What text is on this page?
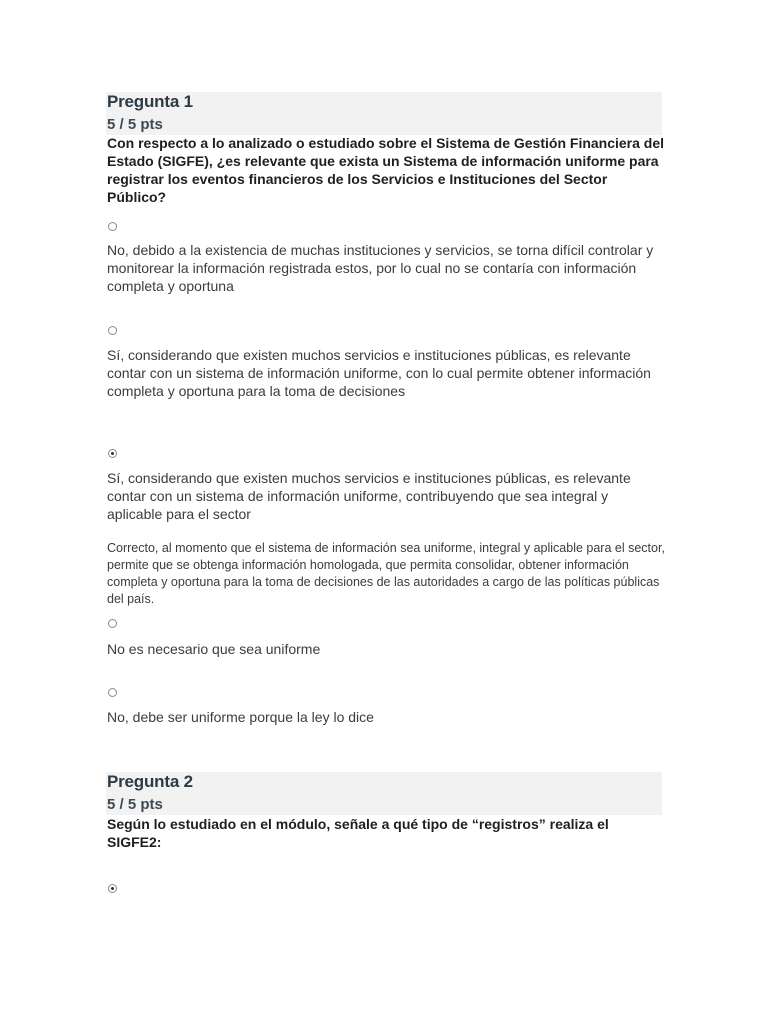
Pregunta 1
5 / 5 pts
Con respecto a lo analizado o estudiado sobre el Sistema de Gestión Financiera del Estado (SIGFE), ¿es relevante que exista un Sistema de información uniforme para registrar los eventos financieros de los Servicios e Instituciones del Sector Público?
No, debido a la existencia de muchas instituciones y servicios, se torna difícil controlar y monitorear la información registrada estos, por lo cual no se contaría con información completa y oportuna
Sí, considerando que existen muchos servicios e instituciones públicas, es relevante contar con un sistema de información uniforme, con lo cual permite obtener información completa y oportuna para la toma de decisiones
Sí, considerando que existen muchos servicios e instituciones públicas, es relevante contar con un sistema de información uniforme, contribuyendo que sea integral y aplicable para el sector
Correcto, al momento que el sistema de información sea uniforme, integral y aplicable para el sector, permite que se obtenga información homologada, que permita consolidar, obtener información completa y oportuna para la toma de decisiones de las autoridades a cargo de las políticas públicas del país.
No es necesario que sea uniforme
No, debe ser uniforme porque la ley lo dice
Pregunta 2
5 / 5 pts
Según lo estudiado en el módulo, señale a qué tipo de “registros” realiza el SIGFE2:
